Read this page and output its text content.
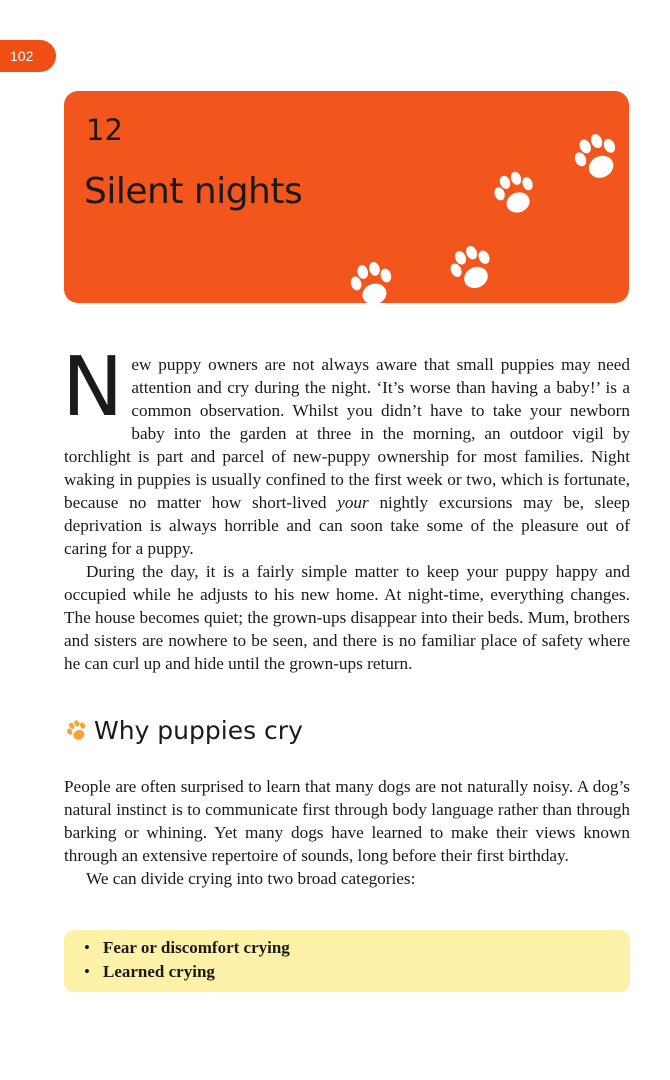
102
12
Silent nights

New puppy owners are not always aware that small puppies may need attention and cry during the night. ‘It’s worse than having a baby!’ is a common observation. Whilst you didn’t have to take your newborn baby into the garden at three in the morning, an outdoor vigil by torchlight is part and parcel of new-puppy ownership for most families. Night waking in puppies is usually confined to the first week or two, which is fortunate, because no matter how short-lived your nightly excursions may be, sleep deprivation is always horrible and can soon take some of the pleasure out of caring for a puppy.

During the day, it is a fairly simple matter to keep your puppy happy and occupied while he adjusts to his new home. At night-time, everything changes. The house becomes quiet; the grown-ups disappear into their beds. Mum, brothers and sisters are nowhere to be seen, and there is no familiar place of safety where he can curl up and hide until the grown-ups return.

Why puppies cry

People are often surprised to learn that many dogs are not naturally noisy. A dog’s natural instinct is to communicate first through body language rather than through barking or whining. Yet many dogs have learned to make their views known through an extensive repertoire of sounds, long before their first birthday.

We can divide crying into two broad categories:

• Fear or discomfort crying
• Learned crying
